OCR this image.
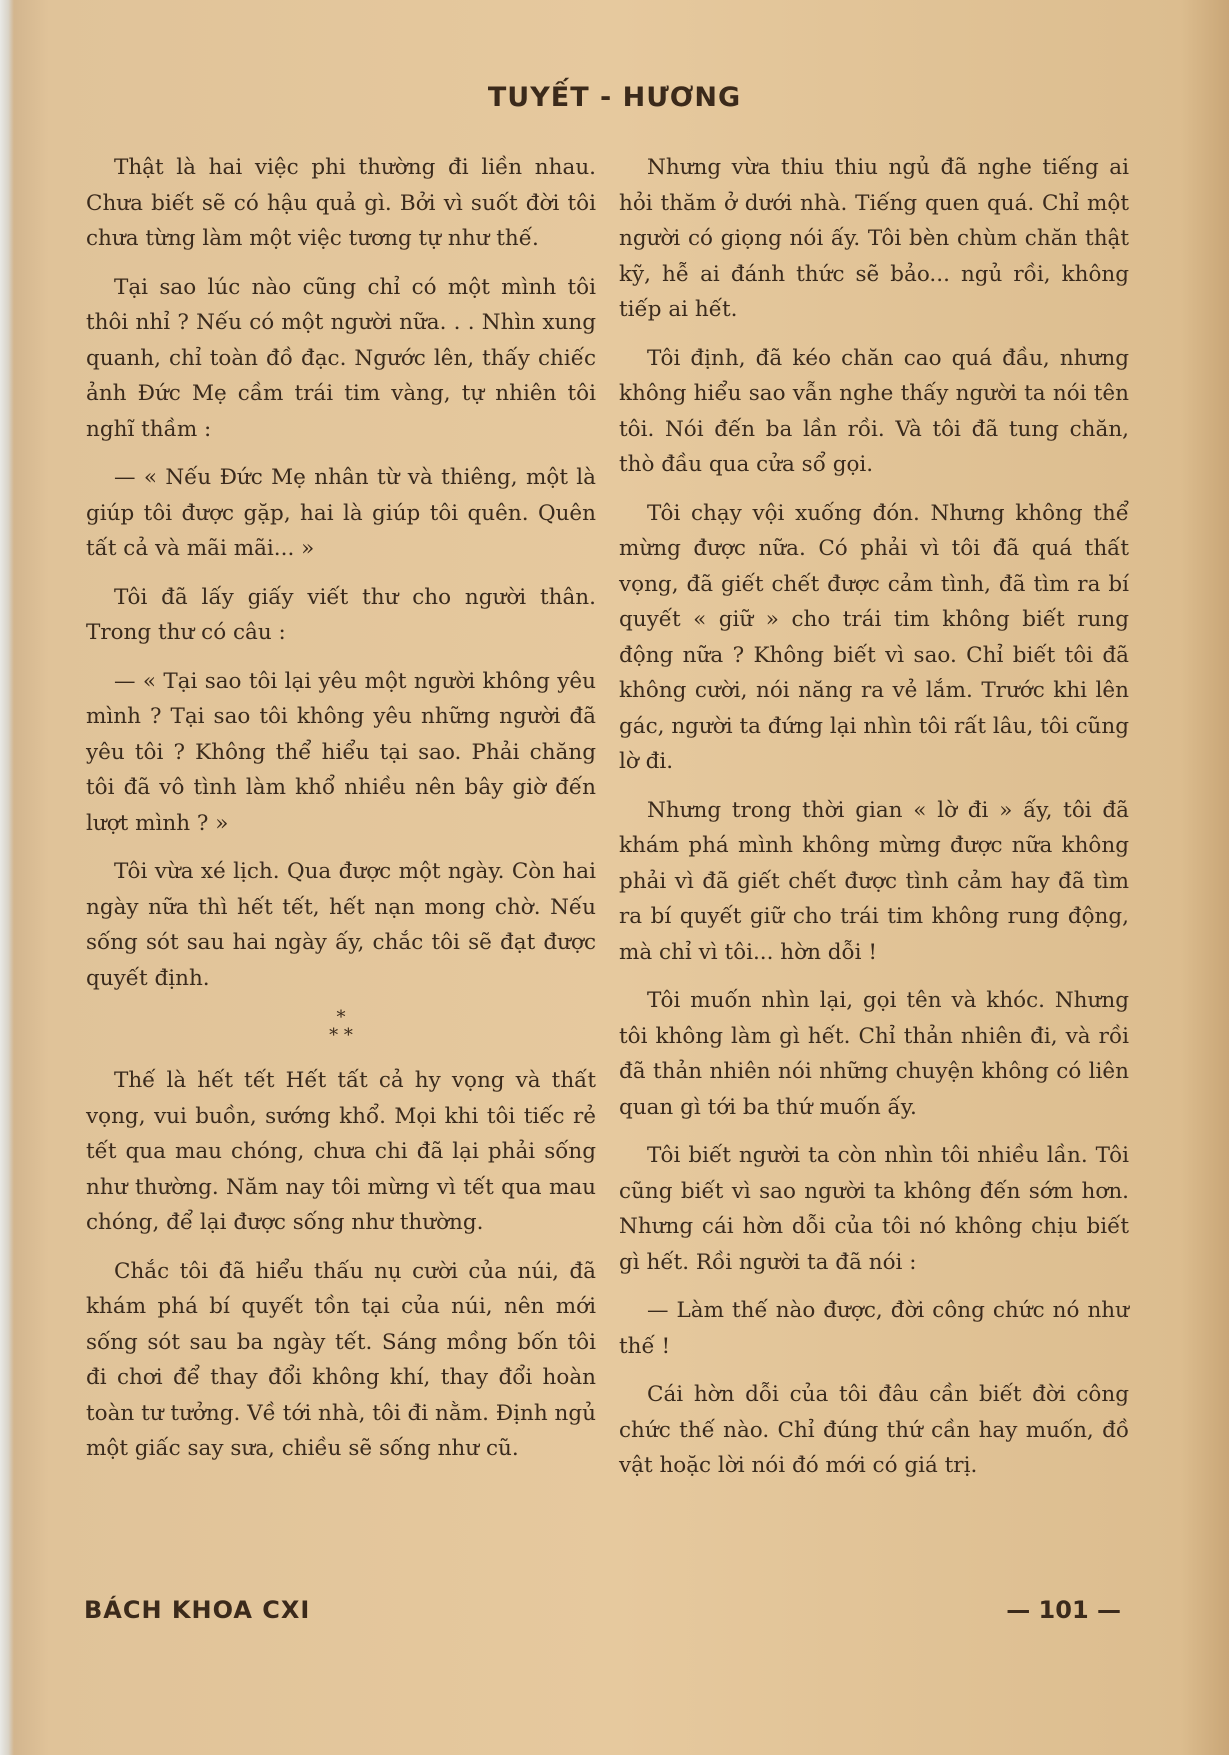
TUYẾT - HƯƠNG

Thật là hai việc phi thường đi liền nhau. Chưa biết sẽ có hậu quả gì. Bởi vì suốt đời tôi chưa từng làm một việc tương tự như thế.

Tại sao lúc nào cũng chỉ có một mình tôi thôi nhỉ ? Nếu có một người nữa. . . Nhìn xung quanh, chỉ toàn đồ đạc. Ngước lên, thấy chiếc ảnh Đức Mẹ cầm trái tim vàng, tự nhiên tôi nghĩ thầm :

— « Nếu Đức Mẹ nhân từ và thiêng, một là giúp tôi được gặp, hai là giúp tôi quên. Quên tất cả và mãi mãi... »

Tôi đã lấy giấy viết thư cho người thân. Trong thư có câu :

— « Tại sao tôi lại yêu một người không yêu mình ? Tại sao tôi không yêu những người đã yêu tôi ? Không thể hiểu tại sao. Phải chăng tôi đã vô tình làm khổ nhiều nên bây giờ đến lượt mình ? »

Tôi vừa xé lịch. Qua được một ngày. Còn hai ngày nữa thì hết tết, hết nạn mong chờ. Nếu sống sót sau hai ngày ấy, chắc tôi sẽ đạt được quyết định.

*
* *

Thế là hết tết Hết tất cả hy vọng và thất vọng, vui buồn, sướng khổ. Mọi khi tôi tiếc rẻ tết qua mau chóng, chưa chi đã lại phải sống như thường. Năm nay tôi mừng vì tết qua mau chóng, để lại được sống như thường.

Chắc tôi đã hiểu thấu nụ cười của núi, đã khám phá bí quyết tồn tại của núi, nên mới sống sót sau ba ngày tết. Sáng mồng bốn tôi đi chơi để thay đổi không khí, thay đổi hoàn toàn tư tưởng. Về tới nhà, tôi đi nằm. Định ngủ một giấc say sưa, chiều sẽ sống như cũ.

Nhưng vừa thiu thiu ngủ đã nghe tiếng ai hỏi thăm ở dưới nhà. Tiếng quen quá. Chỉ một người có giọng nói ấy. Tôi bèn chùm chăn thật kỹ, hễ ai đánh thức sẽ bảo... ngủ rồi, không tiếp ai hết.

Tôi định, đã kéo chăn cao quá đầu, nhưng không hiểu sao vẫn nghe thấy người ta nói tên tôi. Nói đến ba lần rồi. Và tôi đã tung chăn, thò đầu qua cửa sổ gọi.

Tôi chạy vội xuống đón. Nhưng không thể mừng được nữa. Có phải vì tôi đã quá thất vọng, đã giết chết được cảm tình, đã tìm ra bí quyết « giữ » cho trái tim không biết rung động nữa ? Không biết vì sao. Chỉ biết tôi đã không cười, nói năng ra vẻ lắm. Trước khi lên gác, người ta đứng lại nhìn tôi rất lâu, tôi cũng lờ đi.

Nhưng trong thời gian « lờ đi » ấy, tôi đã khám phá mình không mừng được nữa không phải vì đã giết chết được tình cảm hay đã tìm ra bí quyết giữ cho trái tim không rung động, mà chỉ vì tôi... hờn dỗi !

Tôi muốn nhìn lại, gọi tên và khóc. Nhưng tôi không làm gì hết. Chỉ thản nhiên đi, và rồi đã thản nhiên nói những chuyện không có liên quan gì tới ba thứ muốn ấy.

Tôi biết người ta còn nhìn tôi nhiều lần. Tôi cũng biết vì sao người ta không đến sớm hơn. Nhưng cái hờn dỗi của tôi nó không chịu biết gì hết. Rồi người ta đã nói :

— Làm thế nào được, đời công chức nó như thế !

Cái hờn dỗi của tôi đâu cần biết đời công chức thế nào. Chỉ đúng thứ cần hay muốn, đồ vật hoặc lời nói đó mới có giá trị.

BÁCH KHOA CXI	— 101 —
